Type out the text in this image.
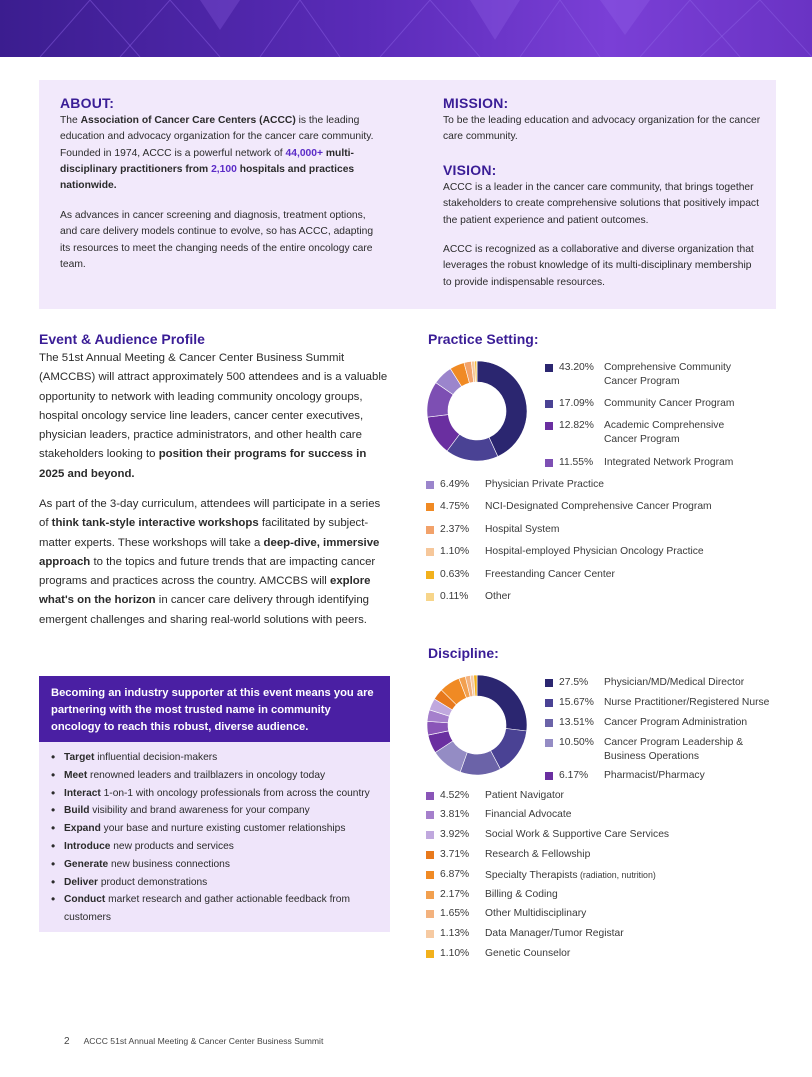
ABOUT:

The Association of Cancer Care Centers (ACCC) is the leading education and advocacy organization for the cancer care community. Founded in 1974, ACCC is a powerful network of 44,000+ multi-disciplinary practitioners from 2,100 hospitals and practices nationwide.

As advances in cancer screening and diagnosis, treatment options, and care delivery models continue to evolve, so has ACCC, adapting its resources to meet the changing needs of the entire oncology care team.

MISSION:

To be the leading education and advocacy organization for the cancer care community.

VISION:

ACCC is a leader in the cancer care community, that brings together stakeholders to create comprehensive solutions that positively impact the patient experience and patient outcomes.

ACCC is recognized as a collaborative and diverse organization that leverages the robust knowledge of its multi-disciplinary membership to provide indispensable resources.

Event & Audience Profile

The 51st Annual Meeting & Cancer Center Business Summit (AMCCBS) will attract approximately 500 attendees and is a valuable opportunity to network with leading community oncology groups, hospital oncology service line leaders, cancer center executives, physician leaders, practice administrators, and other health care stakeholders looking to position their programs for success in 2025 and beyond.

As part of the 3-day curriculum, attendees will participate in a series of think tank-style interactive workshops facilitated by subject-matter experts. These workshops will take a deep-dive, immersive approach to the topics and future trends that are impacting cancer programs and practices across the country. AMCCBS will explore what's on the horizon in cancer care delivery through identifying emergent challenges and sharing real-world solutions with peers.

Becoming an industry supporter at this event means you are partnering with the most trusted name in community oncology to reach this robust, diverse audience.
• Target influential decision-makers
• Meet renowned leaders and trailblazers in oncology today
• Interact 1-on-1 with oncology professionals from across the country
• Build visibility and brand awareness for your company
• Expand your base and nurture existing customer relationships
• Introduce new products and services
• Generate new business connections
• Deliver product demonstrations
• Conduct market research and gather actionable feedback from customers
Practice Setting:
Discipline:
43.20% Comprehensive Community Cancer Program
17.09% Community Cancer Program
12.82% Academic Comprehensive Cancer Program
11.55%	Integrated Network Program
6.49%	Physician Private Practice
4.75%	NCI-Designated Comprehensive Cancer Program
2.37%	Hospital System
1.10%	Hospital-employed Physician Oncology Practice
0.63%	Freestanding Cancer Center
0.11%	Other
27.5%	Physician/MD/Medical Director
15.67% Nurse Practitioner/Registered Nurse
13.51% Cancer Program Administration
10.50% Cancer Program Leadership & Business Operations
6.17%	Pharmacist/Pharmacy
4.52%	Patient Navigator
3.81%	Financial Advocate
3.92%	Social Work & Supportive Care Services
3.71%	Research & Fellowship
6.87%	Specialty Therapists (radiation, nutrition)
2.17%	Billing & Coding
1.65%	Other Multidisciplinary
1.13%	Data Manager/Tumor Registar
1.10%	Genetic Counselor
2 ACCC 51st Annual Meeting & Cancer Center Business Summit
